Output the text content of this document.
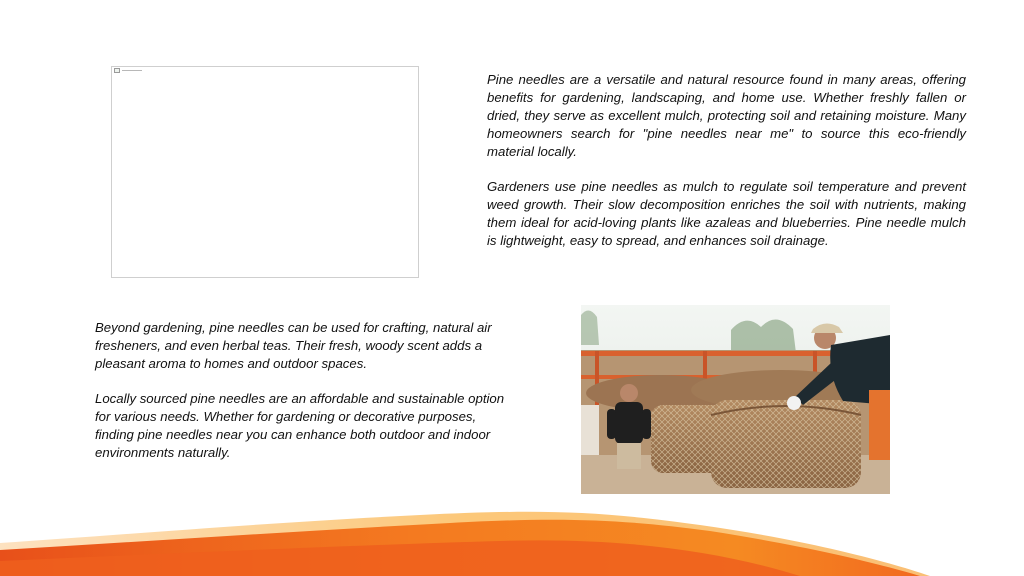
Pine needles are a versatile and natural resource found in many areas, offering benefits for gardening, landscaping, and home use. Whether freshly fallen or dried, they serve as excellent mulch, protecting soil and retaining moisture. Many homeowners search for "pine needles near me" to source this eco-friendly material locally.

Gardeners use pine needles as mulch to regulate soil temperature and prevent weed growth. Their slow decomposition enriches the soil with nutrients, making them ideal for acid-loving plants like azaleas and blueberries. Pine needle mulch is lightweight, easy to spread, and enhances soil drainage.

Beyond gardening, pine needles can be used for crafting, natural air fresheners, and even herbal teas. Their fresh, woody scent adds a pleasant aroma to homes and outdoor spaces.

Locally sourced pine needles are an affordable and sustainable option for various needs. Whether for gardening or decorative purposes, finding pine needles near you can enhance both outdoor and indoor environments naturally.
